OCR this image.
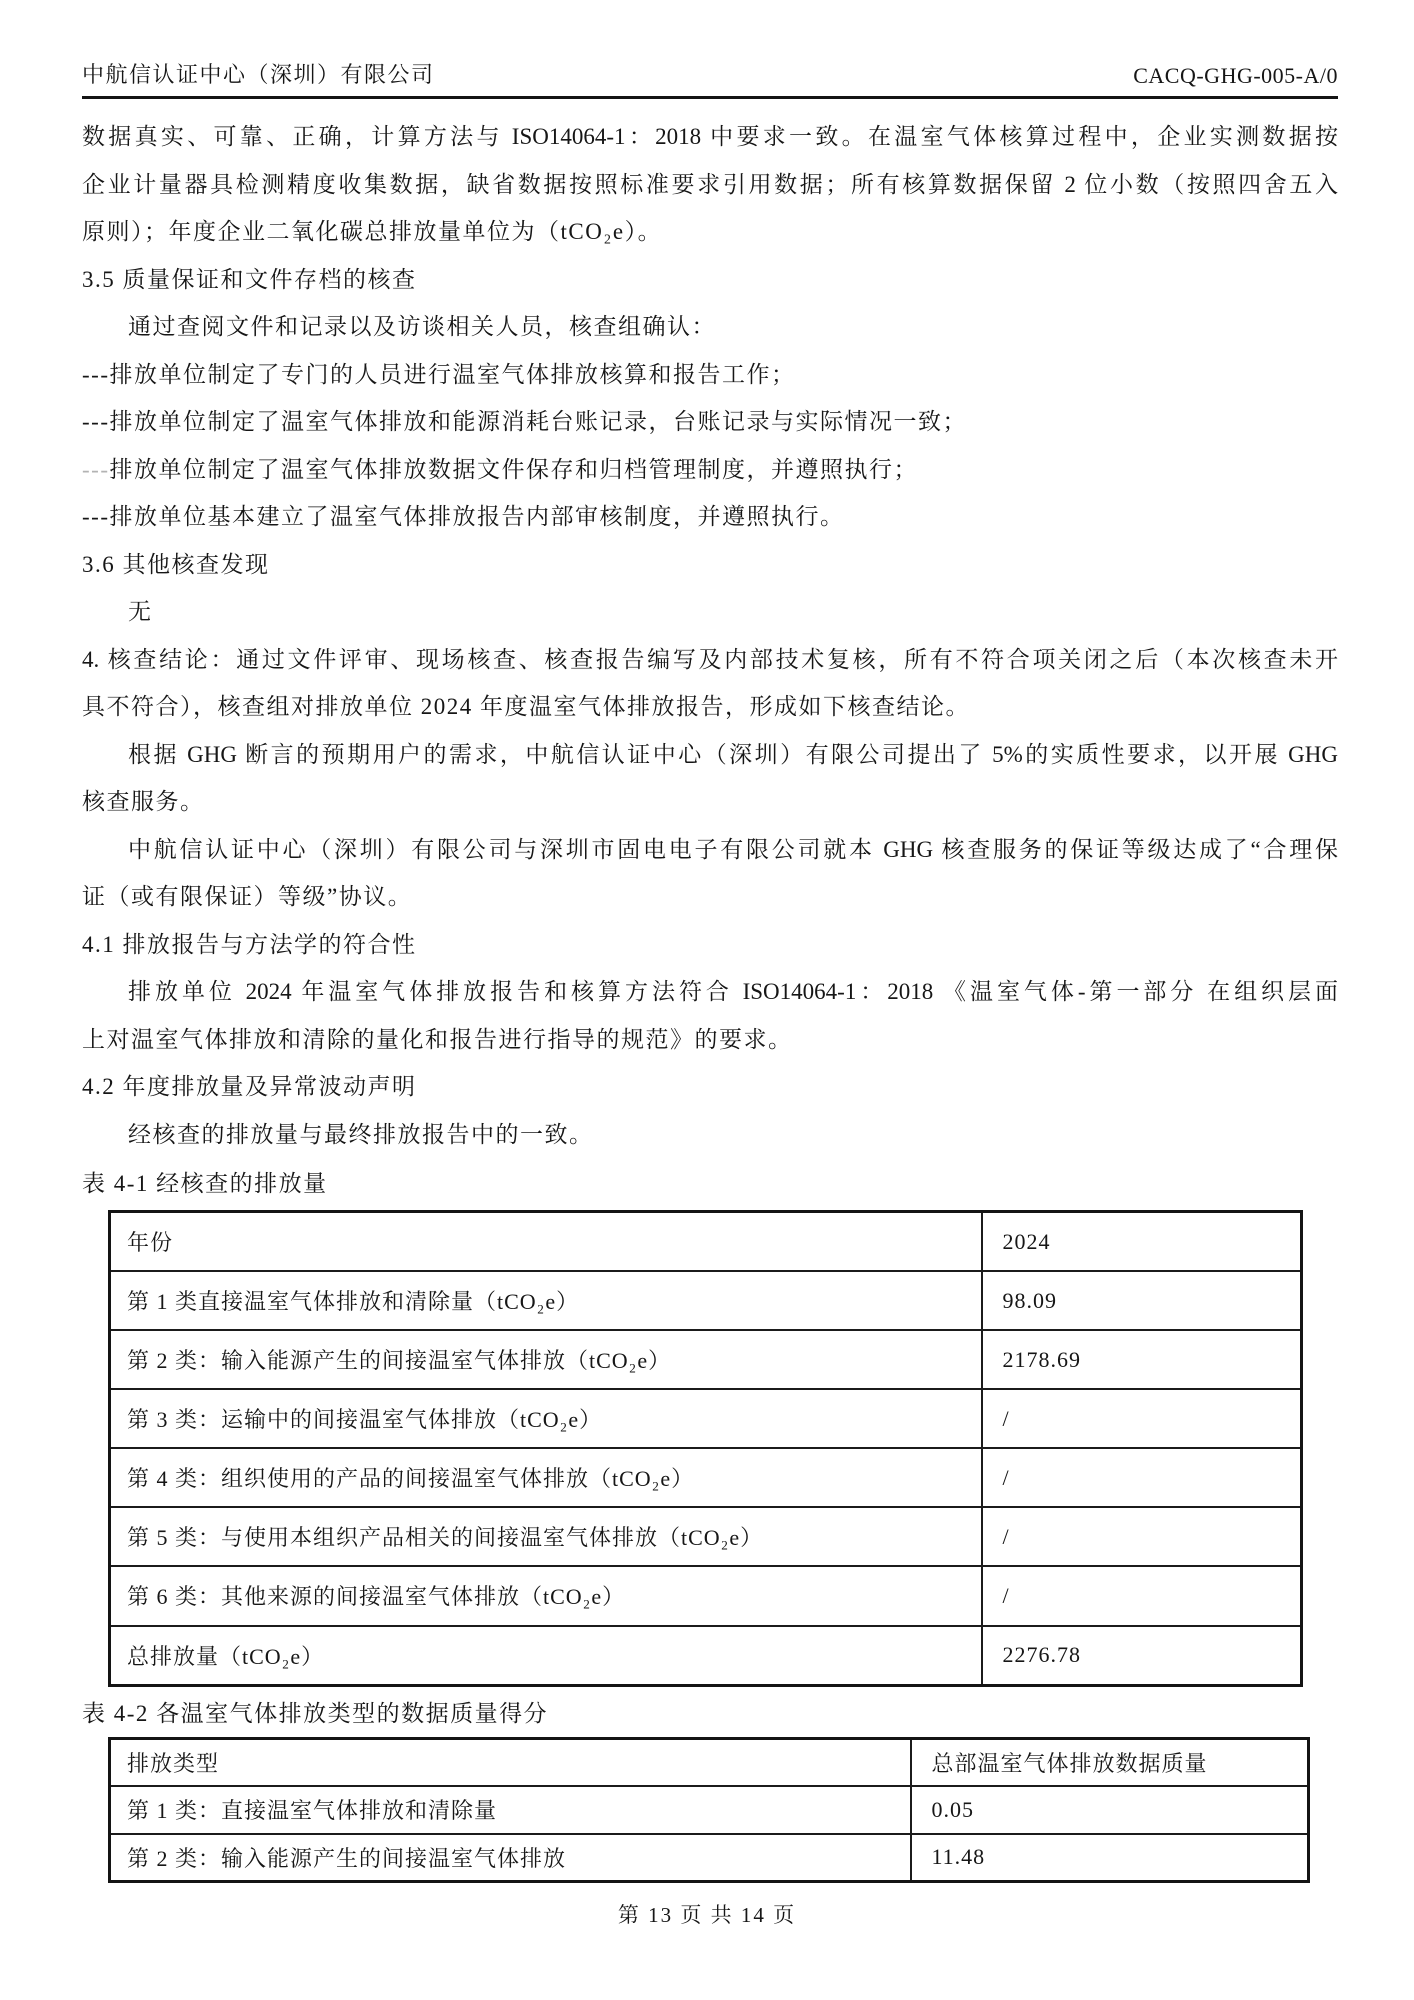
中航信认证中心（深圳）有限公司	CACQ-GHG-005-A/0
数据真实、可靠、正确，计算方法与 ISO14064-1：2018 中要求一致。在温室气体核算过程中，企业实测数据按
企业计量器具检测精度收集数据，缺省数据按照标准要求引用数据；所有核算数据保留 2 位小数（按照四舍五入
原则）；年度企业二氧化碳总排放量单位为（tCO₂e）。
3.5 质量保证和文件存档的核查
通过查阅文件和记录以及访谈相关人员，核查组确认：
---排放单位制定了专门的人员进行温室气体排放核算和报告工作；
---排放单位制定了温室气体排放和能源消耗台账记录，台账记录与实际情况一致；
---排放单位制定了温室气体排放数据文件保存和归档管理制度，并遵照执行；
---排放单位基本建立了温室气体排放报告内部审核制度，并遵照执行。
3.6 其他核查发现
无
4. 核查结论：通过文件评审、现场核查、核查报告编写及内部技术复核，所有不符合项关闭之后（本次核查未开
具不符合），核查组对排放单位 2024 年度温室气体排放报告，形成如下核查结论。
根据 GHG 断言的预期用户的需求，中航信认证中心（深圳）有限公司提出了 5%的实质性要求，以开展 GHG
核查服务。
中航信认证中心（深圳）有限公司与深圳市固电电子有限公司就本 GHG 核查服务的保证等级达成了“合理保
证（或有限保证）等级”协议。
4.1 排放报告与方法学的符合性
排放单位 2024 年温室气体排放报告和核算方法符合 ISO14064-1：2018 《温室气体-第一部分 在组织层面
上对温室气体排放和清除的量化和报告进行指导的规范》的要求。
4.2 年度排放量及异常波动声明
经核查的排放量与最终排放报告中的一致。
表 4-1 经核查的排放量
年份	2024
第 1 类直接温室气体排放和清除量（tCO₂e）	98.09
第 2 类：输入能源产生的间接温室气体排放（tCO₂e）	2178.69
第 3 类：运输中的间接温室气体排放（tCO₂e）	/
第 4 类：组织使用的产品的间接温室气体排放（tCO₂e）	/
第 5 类：与使用本组织产品相关的间接温室气体排放（tCO₂e）	/
第 6 类：其他来源的间接温室气体排放（tCO₂e）	/
总排放量（tCO₂e）	2276.78
表 4-2 各温室气体排放类型的数据质量得分
排放类型	总部温室气体排放数据质量
第 1 类：直接温室气体排放和清除量	0.05
第 2 类：输入能源产生的间接温室气体排放	11.48
第 13 页 共 14 页
